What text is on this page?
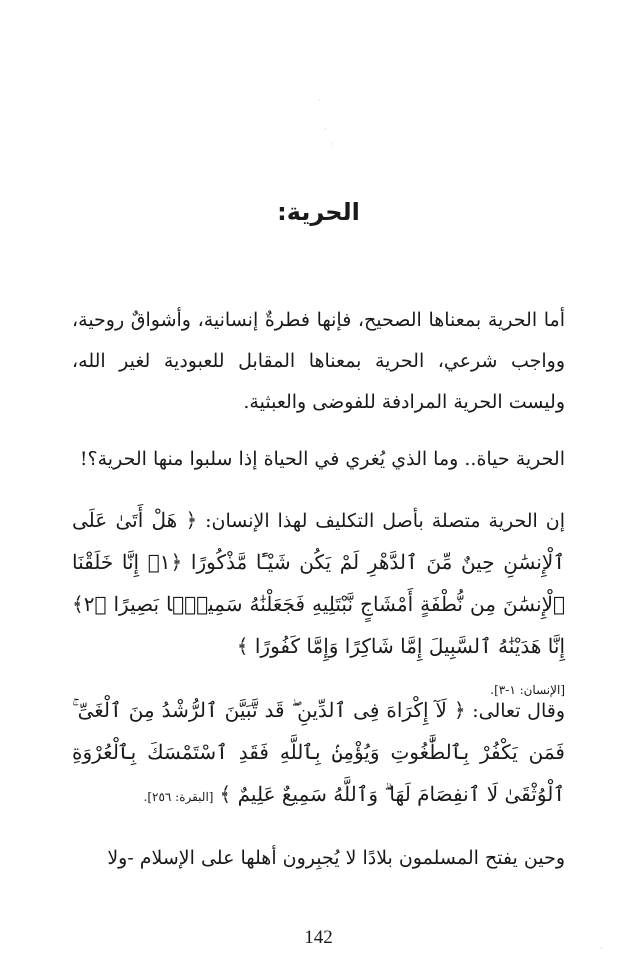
·
·
·
الحرية:
أما الحرية بمعناها الصحيح، فإنها فطرةٌ إنسانية، وأشواقٌ روحية، وواجب شرعي، الحرية بمعناها المقابل للعبودية لغير الله، وليست الحرية المرادفة للفوضى والعبثية.
الحرية حياة.. وما الذي يُغري في الحياة إذا سلبوا منها الحرية؟!
إن الحرية متصلة بأصل التكليف لهذا الإنسان: ﴿ هَلْ أَتَىٰ عَلَى ٱلْإِنسَٰنِ حِينٌ مِّنَ ٱلدَّهْرِ لَمْ يَكُن شَيْـًٔا مَّذْكُورًا ﴿١﴾ إِنَّا خَلَقْنَا ٱلْإِنسَٰنَ مِن نُّطْفَةٍ أَمْشَاجٍ نَّبْتَلِيهِ فَجَعَلْنَٰهُ سَمِيعًۢا بَصِيرًا ﴿٢﴾ إِنَّا هَدَيْنَٰهُ ٱلسَّبِيلَ إِمَّا شَاكِرًا وَإِمَّا كَفُورًا ﴾
[الإنسان: ١-٣].
وقال تعالى: ﴿ لَآ إِكْرَاهَ فِى ٱلدِّينِ ۖ قَد تَّبَيَّنَ ٱلرُّشْدُ مِنَ ٱلْغَىِّ ۚ فَمَن يَكْفُرْ بِٱلطَّٰغُوتِ وَيُؤْمِنۢ بِٱللَّهِ فَقَدِ ٱسْتَمْسَكَ بِٱلْعُرْوَةِ ٱلْوُثْقَىٰ لَا ٱنفِصَامَ لَهَا ۗ وَٱللَّهُ سَمِيعٌ عَلِيمٌ ﴾ [البقرة: ٢٥٦].
وحين يفتح المسلمون بلادًا لا يُجبِرون أهلها على الإسلام -ولا
142
·
